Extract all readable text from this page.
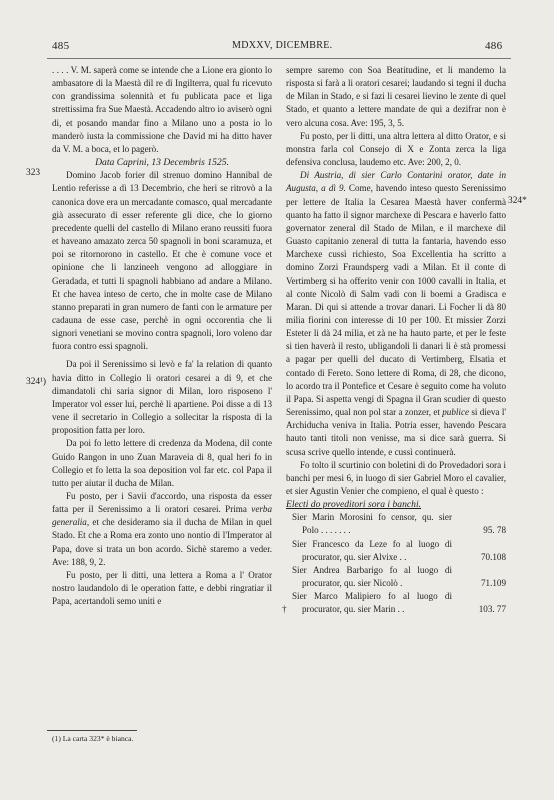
485	MDXXV, DICEMBRE.	486
323
324¹)
324*

. . . . V. M. saperà come se intende che a Lione era gionto lo ambasatore di la Maestà dil re di Ingilterra, qual fu ricevuto con grandissima solennità et fu publicata pace et liga strettissima fra Sue Maestà. Accadendo altro io aviserò ogni di, et posando mandar fino a Milano uno a posta io lo manderò iusta la commissione che David mi ha ditto haver da V. M. a boca, et lo pagerò.

Data Caprini, 13 Decembris 1525.

Domino Jacob forier dil strenuo domino Hannibal de Lentio referisse a dì 13 Decembrio, che heri se ritrovò a la canonica dove era un mercadante comasco, qual mercadante già assecurato di esser referente gli dice, che lo giorno precedente quelli del castello di Milano erano reussiti fuora et haveano amazato zerca 50 spagnoli in boni scaramuza, et poi se ritornorono in castello. Et che è comune voce et opinione che li lanzineeh vengono ad alloggiare in Geradada, et tutti li spagnoli habbiano ad andare a Milano. Et che havea inteso de certo, che in molte case de Milano stanno preparati in gran numero de fanti con le armature per cadauna de esse case, perchè in ogni occorentia che li signori venetiani se movino contra spagnoli, loro voleno dar fuora contro essi spagnoli.

Da poi il Serenissimo si levò e fa' la relation di quanto havia ditto in Collegio li oratori cesarei a di 9, et che dimandatoli chi saria signor di Milan, loro risposeno l' Imperator vol esser lui, perchè li apartiene. Poi disse a di 13 vene il secretario in Collegio a sollecitar la risposta di la proposition fatta per loro.

Da poi fo letto lettere di credenza da Modena, dil conte Guido Rangon in uno Zuan Maraveia di 8, qual heri fo in Collegio et fo letta la soa deposition vol far etc. col Papa il tutto per aiutar il ducha de Milan.

Fu posto, per i Savii d'accordo, una risposta da esser fatta per il Serenissimo a li oratori cesarei. Prima verba generalia, et che desideramo sia il ducha de Milan in quel Stado. Et che a Roma era zonto uno nontio di l'Imperator al Papa, dove si trata un bon acordo. Sichè staremo a veder. Ave: 188, 9, 2.

Fu posto, per li ditti, una lettera a Roma a l' Orator nostro laudandolo di le operation fatte, e debbi ringratiar il Papa, acertandoli semo uniti e

sempre saremo con Soa Beatitudine, et li mandemo la risposta si farà a li oratori cesarei; laudando si tegni il ducha de Milan in Stado, e si fazi li cesarei lievino le zente di quel Stado, et quanto a lettere mandate de qui a dezifrar non è vero alcuna cosa. Ave: 195, 3, 5.

Fu posto, per li ditti, una altra lettera al ditto Orator, e si monstra farla col Consejo di X e Zonta zerca la liga defensiva conclusa, laudemo etc. Ave: 200, 2, 0.

Di Austria, di sier Carlo Contarini orator, date in Augusta, a dì 9. Come, havendo inteso questo Serenissimo per lettere de Italia la Cesarea Maestà haver confermà quanto ha fatto il signor marchexe di Pescara e haverlo fatto governator zeneral dil Stado de Milan, e il marchexe dil Guasto capitanio zeneral di tutta la fantaria, havendo esso Marchexe cussì richiesto, Soa Excellentia ha scritto a domino Zorzi Fraundsperg vadi a Milan. Et il conte di Vertimberg si ha offerito venir con 1000 cavalli in Italia, et al conte Nicolò di Salm vadi con li boemi a Gradisca e Maran. Di qui si attende a trovar danari. Li Focher li dà 80 milia fiorini con interesse di 10 per 100. Et missier Zorzi Esteter li dà 24 milia, et zà ne ha hauto parte, et per le feste si tien haverà il resto, ubligandoli li danari li è stà promessi a pagar per quelli del ducato di Vertimberg, Elsatia et contado di Fereto. Sono lettere di Roma, di 28, che dicono, lo acordo tra il Pontefice et Cesare è seguito come ha voluto il Papa. Si aspetta vengi di Spagna il Gran scudier di questo Serenissimo, qual non pol star a zonzer, et publice si dieva l' Archiducha veniva in Italia. Potria esser, havendo Pescara hauto tanti titoli non venisse, ma si dice sarà guerra. Si scusa scrive quello intende, e cussì continuerà.

Fo tolto il scurtinio con boletini di do Provedadori sora i banchi per mesi 6, in luogo di sier Gabriel Moro el cavalier, et sier Agustin Venier che compieno, el qual è questo :

Electi do proveditori sora i banchi.

Sier Marin Morosini fo censor, qu. sier Polo . . . . . . .	95. 78
Sier Francesco da Leze fo al luogo di procurator, qu. sier Alvixe . .	70.108
Sier Andrea Barbarigo fo al luogo di procurator, qu. sier Nicolò .	71.109
†
Sier Marco Malipiero fo al luogo di procurator, qu. sier Marin . .	103. 77
(1) La carta 323* è bianca.
